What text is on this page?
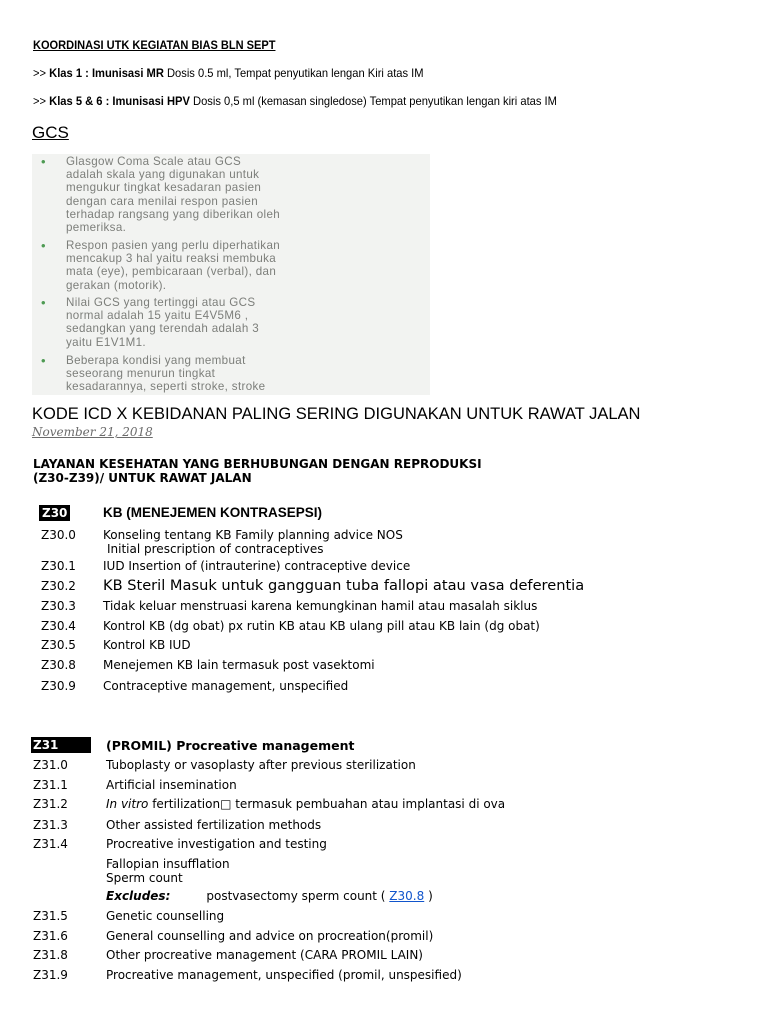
KOORDINASI UTK KEGIATAN BIAS BLN SEPT
>> Klas 1 : Imunisasi MR Dosis 0.5 ml, Tempat penyutikan lengan Kiri atas IM
>> Klas 5 & 6 : Imunisasi HPV Dosis 0,5 ml (kemasan singledose) Tempat penyutikan lengan kiri atas IM
GCS
• Glasgow Coma Scale atau GCS
adalah skala yang digunakan untuk
mengukur tingkat kesadaran pasien
dengan cara menilai respon pasien
terhadap rangsang yang diberikan oleh
pemeriksa.
• Respon pasien yang perlu diperhatikan
mencakup 3 hal yaitu reaksi membuka
mata (eye), pembicaraan (verbal), dan
gerakan (motorik).
• Nilai GCS yang tertinggi atau GCS
normal adalah 15 yaitu E4V5M6 ,
sedangkan yang terendah adalah 3
yaitu E1V1M1.
• Beberapa kondisi yang membuat
seseorang menurun tingkat
kesadarannya, seperti stroke, stroke
KODE ICD X KEBIDANAN PALING SERING DIGUNAKAN UNTUK RAWAT JALAN
November 21, 2018
LAYANAN KESEHATAN YANG BERHUBUNGAN DENGAN REPRODUKSI
(Z30-Z39)/ UNTUK RAWAT JALAN
Z30	KB (MENEJEMEN KONTRASEPSI)
Z30.0 Konseling tentang KB Family planning advice NOS
Initial prescription of contraceptives
Z30.1 IUD Insertion of (intrauterine) contraceptive device
Z30.2 KB Steril Masuk untuk gangguan tuba fallopi atau vasa deferentia
Z30.3 Tidak keluar menstruasi karena kemungkinan hamil atau masalah siklus
Z30.4 Kontrol KB (dg obat) px rutin KB atau KB ulang pill atau KB lain (dg obat)
Z30.5 Kontrol KB IUD
Z30.8 Menejemen KB lain termasuk post vasektomi
Z30.9 Contraceptive management, unspecified
Z31	(PROMIL) Procreative management
Z31.0	Tuboplasty or vasoplasty after previous sterilization
Z31.1	Artificial insemination
Z31.2	In vitro fertilization□ termasuk pembuahan atau implantasi di ova
Z31.3	Other assisted fertilization methods
Z31.4	Procreative investigation and testing
Fallopian insufflation
Sperm count
Excludes:	postvasectomy sperm count ( Z30.8 )
Z31.5	Genetic counselling
Z31.6	General counselling and advice on procreation(promil)
Z31.8	Other procreative management (CARA PROMIL LAIN)
Z31.9	Procreative management, unspecified (promil, unspesified)
